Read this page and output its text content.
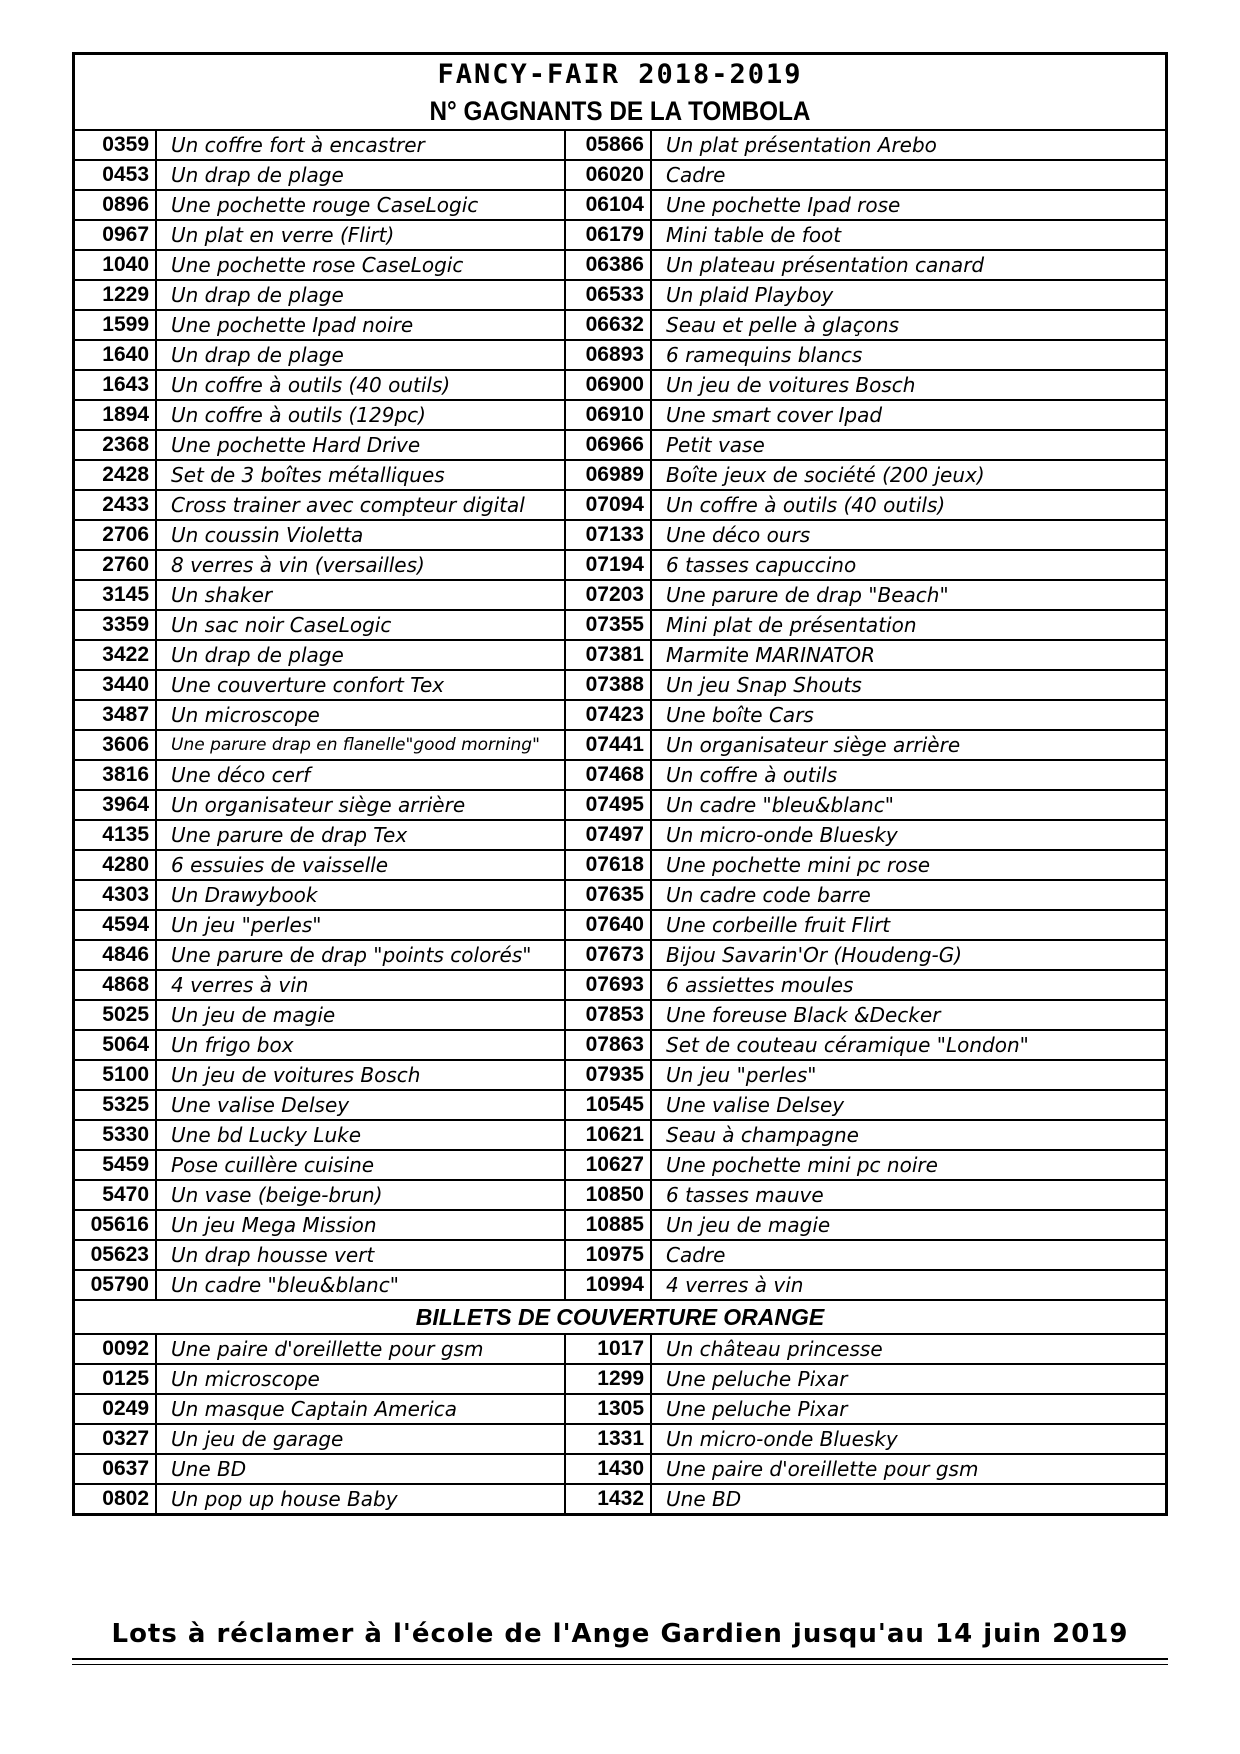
FANCY-FAIR 2018-2019
N° GAGNANTS DE LA TOMBOLA
0359	Un coffre fort à encastrer	05866	Un plat présentation Arebo
0453	Un drap de plage	06020	Cadre
0896	Une pochette rouge CaseLogic	06104	Une pochette Ipad rose
0967	Un plat en verre (Flirt)	06179	Mini table de foot
1040	Une pochette rose CaseLogic	06386	Un plateau présentation canard
1229	Un drap de plage	06533	Un plaid Playboy
1599	Une pochette Ipad noire	06632	Seau et pelle à glaçons
1640	Un drap de plage	06893	6 ramequins blancs
1643	Un coffre à outils (40 outils)	06900	Un jeu de voitures Bosch
1894	Un coffre à outils (129pc)	06910	Une smart cover Ipad
2368	Une pochette Hard Drive	06966	Petit vase
2428	Set de 3 boîtes métalliques	06989	Boîte jeux de société (200 jeux)
2433	Cross trainer avec compteur digital	07094	Un coffre à outils (40 outils)
2706	Un coussin Violetta	07133	Une déco ours
2760	8 verres à vin (versailles)	07194	6 tasses capuccino
3145	Un shaker	07203	Une parure de drap "Beach"
3359	Un sac noir CaseLogic	07355	Mini plat de présentation
3422	Un drap de plage	07381	Marmite MARINATOR
3440	Une couverture confort Tex	07388	Un jeu Snap Shouts
3487	Un microscope	07423	Une boîte Cars
3606	Une parure drap en flanelle"good morning"	07441	Un organisateur siège arrière
3816	Une déco cerf	07468	Un coffre à outils
3964	Un organisateur siège arrière	07495	Un cadre "bleu&blanc"
4135	Une parure de drap Tex	07497	Un micro-onde Bluesky
4280	6 essuies de vaisselle	07618	Une pochette mini pc rose
4303	Un Drawybook	07635	Un cadre code barre
4594	Un jeu "perles"	07640	Une corbeille fruit Flirt
4846	Une parure de drap "points colorés"	07673	Bijou Savarin'Or (Houdeng-G)
4868	4 verres à vin	07693	6 assiettes moules
5025	Un jeu de magie	07853	Une foreuse Black &Decker
5064	Un frigo box	07863	Set de couteau céramique "London"
5100	Un jeu de voitures Bosch	07935	Un jeu "perles"
5325	Une valise Delsey	10545	Une valise Delsey
5330	Une bd Lucky Luke	10621	Seau à champagne
5459	Pose cuillère cuisine	10627	Une pochette mini pc noire
5470	Un vase (beige-brun)	10850	6 tasses mauve
05616	Un jeu Mega Mission	10885	Un jeu de magie
05623	Un drap housse vert	10975	Cadre
05790	Un cadre "bleu&blanc"	10994	4 verres à vin
BILLETS DE COUVERTURE ORANGE
0092	Une paire d'oreillette pour gsm	1017	Un château princesse
0125	Un microscope	1299	Une peluche Pixar
0249	Un masque Captain America	1305	Une peluche Pixar
0327	Un jeu de garage	1331	Un micro-onde Bluesky
0637	Une BD	1430	Une paire d'oreillette pour gsm
0802	Un pop up house Baby	1432	Une BD
Lots à réclamer à l'école de l'Ange Gardien jusqu'au 14 juin 2019
